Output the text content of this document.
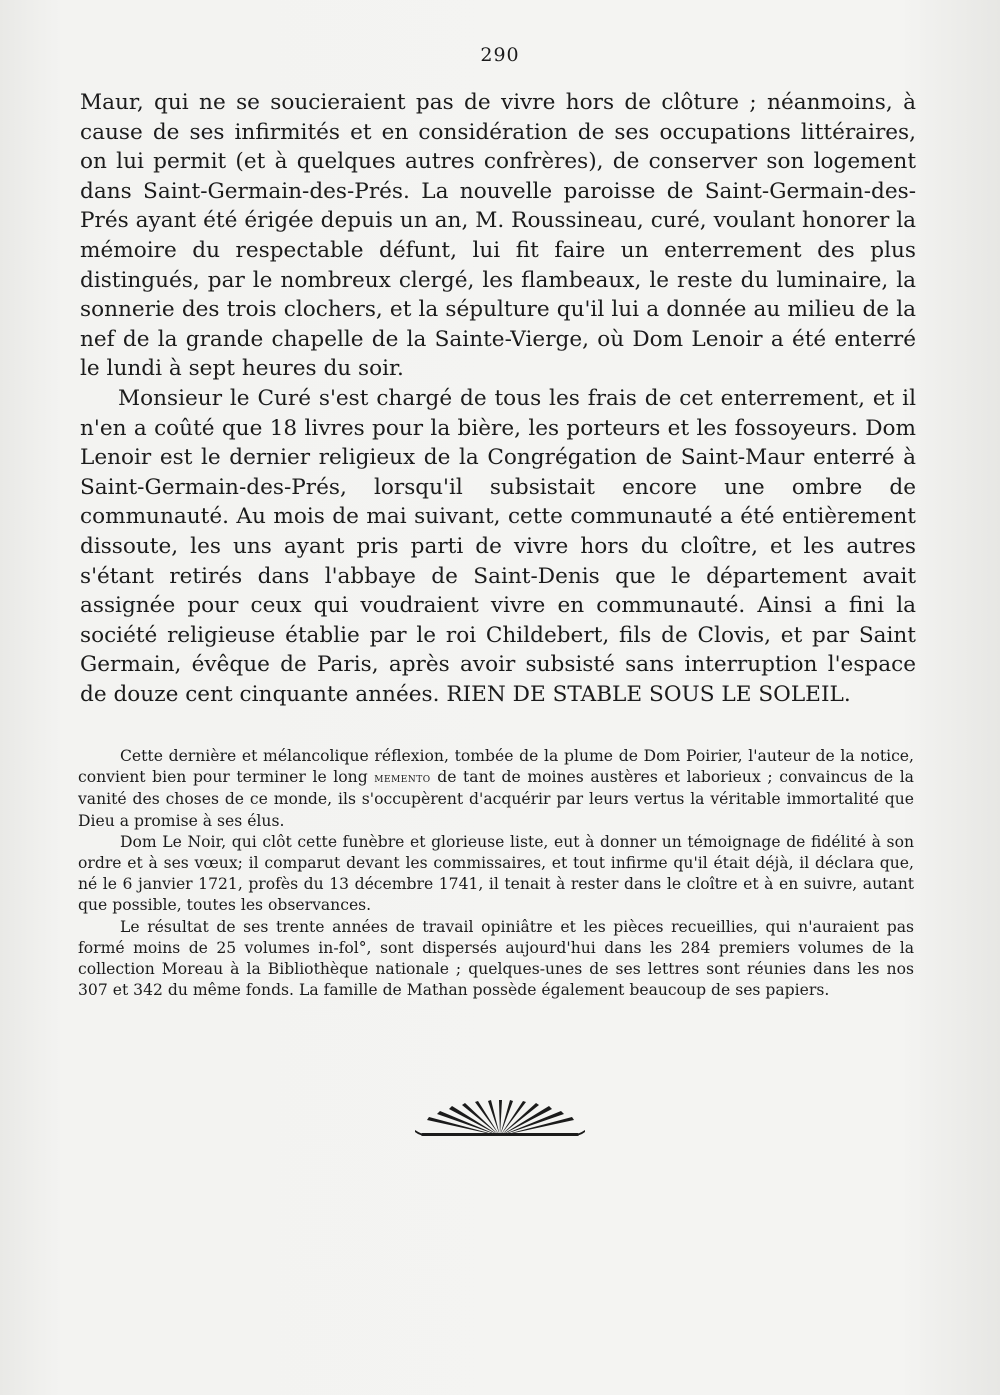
290

Maur, qui ne se soucieraient pas de vivre hors de clôture ; néanmoins, à cause de ses infirmités et en considération de ses occupations littéraires, on lui permit (et à quelques autres confrères), de conserver son logement dans Saint-Germain-des-Prés. La nouvelle paroisse de Saint-Germain-des-Prés ayant été érigée depuis un an, M. Roussineau, curé, voulant honorer la mémoire du respectable défunt, lui fit faire un enterrement des plus distingués, par le nombreux clergé, les flambeaux, le reste du luminaire, la sonnerie des trois clochers, et la sépulture qu'il lui a donnée au milieu de la nef de la grande chapelle de la Sainte-Vierge, où Dom Lenoir a été enterré le lundi à sept heures du soir.

Monsieur le Curé s'est chargé de tous les frais de cet enterrement, et il n'en a coûté que 18 livres pour la bière, les porteurs et les fossoyeurs. Dom Lenoir est le dernier religieux de la Congrégation de Saint-Maur enterré à Saint-Germain-des-Prés, lorsqu'il subsistait encore une ombre de communauté. Au mois de mai suivant, cette communauté a été entièrement dissoute, les uns ayant pris parti de vivre hors du cloître, et les autres s'étant retirés dans l'abbaye de Saint-Denis que le département avait assignée pour ceux qui voudraient vivre en communauté. Ainsi a fini la société religieuse établie par le roi Childebert, fils de Clovis, et par Saint Germain, évêque de Paris, après avoir subsisté sans interruption l'espace de douze cent cinquante années. RIEN DE STABLE SOUS LE SOLEIL.

Cette dernière et mélancolique réflexion, tombée de la plume de Dom Poirier, l'auteur de la notice, convient bien pour terminer le long memento de tant de moines austères et laborieux ; convaincus de la vanité des choses de ce monde, ils s'occupèrent d'acquérir par leurs vertus la véritable immortalité que Dieu a promise à ses élus.

Dom Le Noir, qui clôt cette funèbre et glorieuse liste, eut à donner un témoignage de fidélité à son ordre et à ses vœux; il comparut devant les commissaires, et tout infirme qu'il était déjà, il déclara que, né le 6 janvier 1721, profès du 13 décembre 1741, il tenait à rester dans le cloître et à en suivre, autant que possible, toutes les observances.

Le résultat de ses trente années de travail opiniâtre et les pièces recueillies, qui n'auraient pas formé moins de 25 volumes in-fol°, sont dispersés aujourd'hui dans les 284 premiers volumes de la collection Moreau à la Bibliothèque nationale ; quelques-unes de ses lettres sont réunies dans les nos 307 et 342 du même fonds. La famille de Mathan possède également beaucoup de ses papiers.
